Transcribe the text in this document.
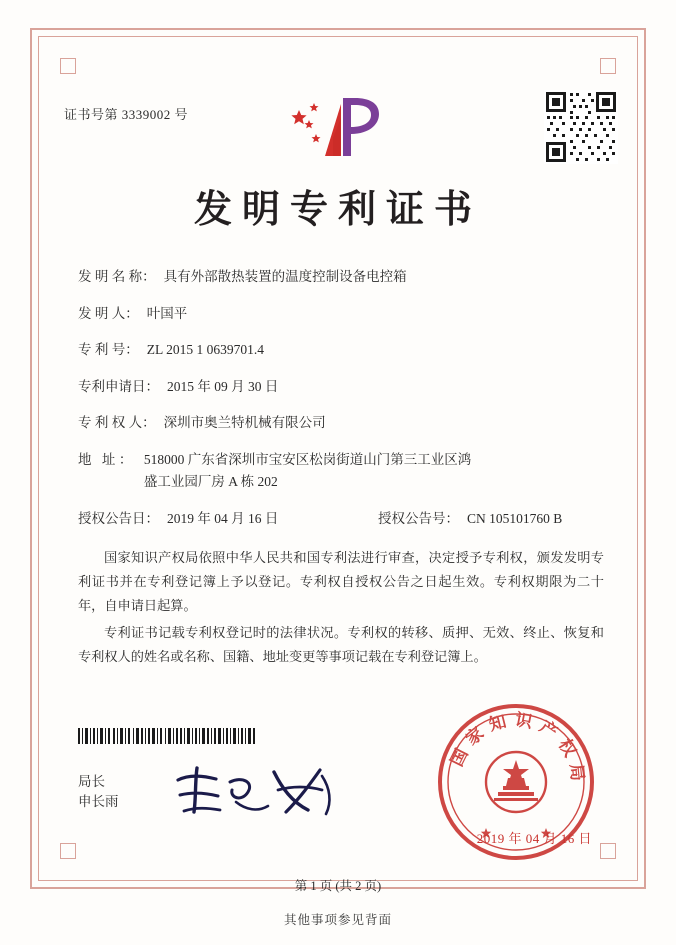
证书号第 3339002 号
发明专利证书
发 明 名 称： 具有外部散热装置的温度控制设备电控箱
发 明 人： 叶国平
专 利 号： ZL 2015 1 0639701.4
专利申请日： 2015 年 09 月 30 日
专 利 权 人： 深圳市奥兰特机械有限公司
地 址： 518000 广东省深圳市宝安区松岗街道山门第三工业区鸿
盛工业园厂房 A 栋 202
授权公告日： 2019 年 04 月 16 日	授权公告号： CN 105101760 B

国家知识产权局依照中华人民共和国专利法进行审查，决定授予专利权，颁发发明专利证书并在专利登记簿上予以登记。专利权自授权公告之日起生效。专利权期限为二十年，自申请日起算。

专利证书记载专利权登记时的法律状况。专利权的转移、质押、无效、终止、恢复和专利权人的姓名或名称、国籍、地址变更等事项记载在专利登记簿上。

局长
申长雨
国家知识产权局
2019 年 04 月 16 日
第 1 页 (共 2 页)
其他事项参见背面
